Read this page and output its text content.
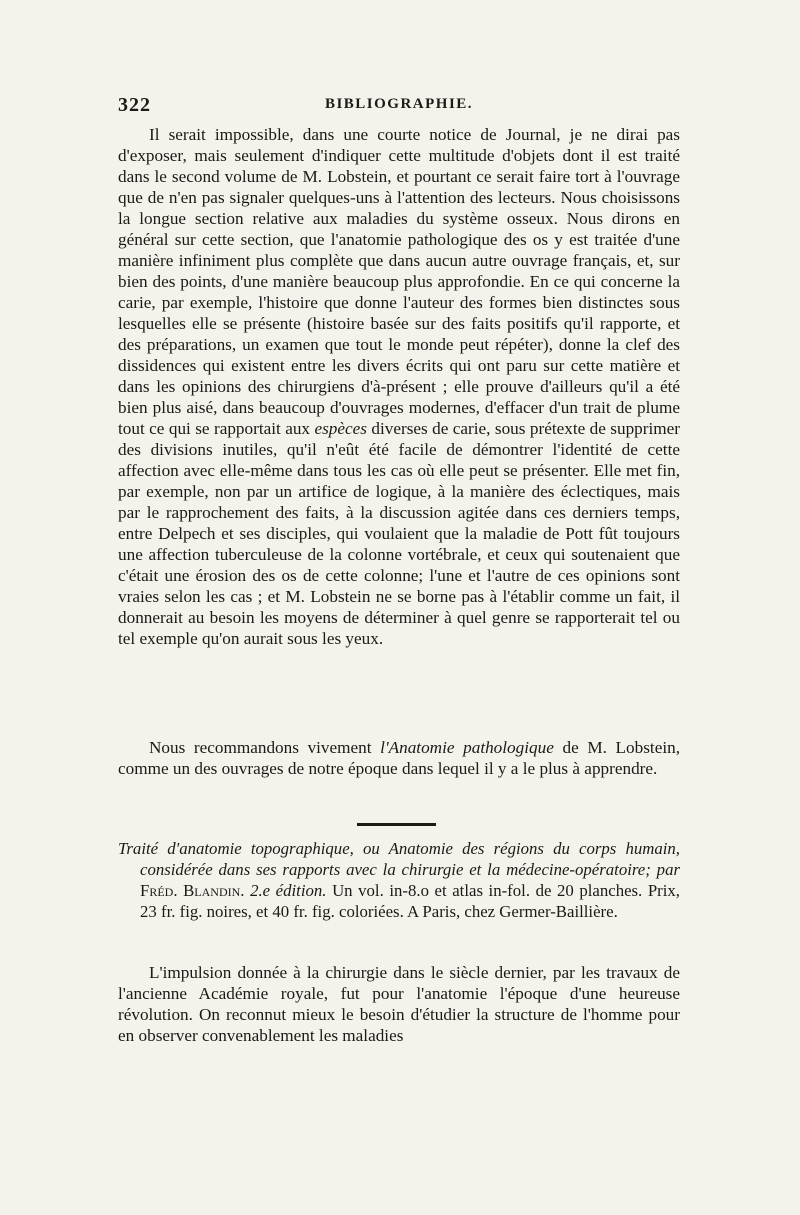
322	BIBLIOGRAPHIE.

Il serait impossible, dans une courte notice de Journal, je ne dirai pas d'exposer, mais seulement d'indiquer cette multitude d'objets dont il est traité dans le second volume de M. Lobstein, et pourtant ce serait faire tort à l'ouvrage que de n'en pas signaler quelques-uns à l'attention des lecteurs. Nous choisissons la longue section relative aux maladies du système osseux. Nous dirons en général sur cette section, que l'anatomie pathologique des os y est traitée d'une manière infiniment plus complète que dans aucun autre ouvrage français, et, sur bien des points, d'une manière beaucoup plus approfondie. En ce qui concerne la carie, par exemple, l'histoire que donne l'auteur des formes bien distinctes sous lesquelles elle se présente (histoire basée sur des faits positifs qu'il rapporte, et des préparations, un examen que tout le monde peut répéter), donne la clef des dissidences qui existent entre les divers écrits qui ont paru sur cette matière et dans les opinions des chirurgiens d'à-présent ; elle prouve d'ailleurs qu'il a été bien plus aisé, dans beaucoup d'ouvrages modernes, d'effacer d'un trait de plume tout ce qui se rapportait aux espèces diverses de carie, sous prétexte de supprimer des divisions inutiles, qu'il n'eût été facile de démontrer l'identité de cette affection avec elle-même dans tous les cas où elle peut se présenter. Elle met fin, par exemple, non par un artifice de logique, à la manière des éclectiques, mais par le rapprochement des faits, à la discussion agitée dans ces derniers temps, entre Delpech et ses disciples, qui voulaient que la maladie de Pott fût toujours une affection tuberculeuse de la colonne vortébrale, et ceux qui soutenaient que c'était une érosion des os de cette colonne; l'une et l'autre de ces opinions sont vraies selon les cas ; et M. Lobstein ne se borne pas à l'établir comme un fait, il donnerait au besoin les moyens de déterminer à quel genre se rapporterait tel ou tel exemple qu'on aurait sous les yeux.

Nous recommandons vivement l'Anatomie pathologique de M. Lobstein, comme un des ouvrages de notre époque dans lequel il y a le plus à apprendre.

Traité d'anatomie topographique, ou Anatomie des régions du corps humain, considérée dans ses rapports avec la chirurgie et la médecine-opératoire; par Fréd. Blandin. 2.e édition. Un vol. in-8.o et atlas in-fol. de 20 planches. Prix, 23 fr. fig. noires, et 40 fr. fig. coloriées. A Paris, chez Germer-Baillière.

L'impulsion donnée à la chirurgie dans le siècle dernier, par les travaux de l'ancienne Académie royale, fut pour l'anatomie l'époque d'une heureuse révolution. On reconnut mieux le besoin d'étudier la structure de l'homme pour en observer convenablement les maladies
